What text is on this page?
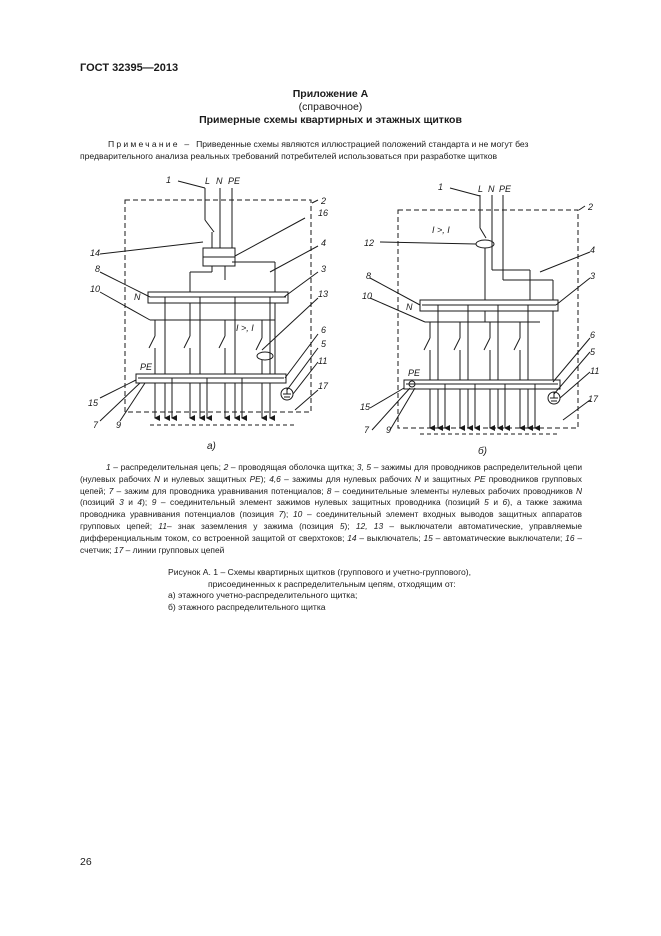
ГОСТ 32395—2013
Приложение А
(справочное)
Примерные схемы квартирных и этажных щитков
Примечание – Приведенные схемы являются иллюстрацией положений стандарта и не могут без предварительного анализа реальных требований потребителей использоваться при разработке щитков
L N PE
N
PE
I >, I
а)
1
2
16
14
4
8	3
10	13
6
5
11
15
7 9
17
L N PE
N
PE
I >, I
б)
1
2
12
4
8	3
10
6
5
11
15
7 9
17
1 – распределительная цепь; 2 – проводящая оболочка щитка; 3, 5 – зажимы для проводников распределительной цепи (нулевых рабочих N и нулевых защитных PE); 4,6 – зажимы для нулевых рабочих N и защитных PE проводников групповых цепей; 7 – зажим для проводника уравнивания потенциалов; 8 – соединительные элементы нулевых рабочих проводников N (позиций 3 и 4); 9 – соединительный элемент зажимов нулевых защитных проводника (позиций 5 и 6), а также зажима проводника уравнивания потенциалов (позиция 7); 10 – соединительный элемент входных выводов защитных аппаратов групповых цепей; 11– знак заземления у зажима (позиция 5); 12, 13 – выключатели автоматические, управляемые дифференциальным током, со встроенной защитой от сверхтоков; 14 – выключатель; 15 – автоматические выключатели; 16 – счетчик; 17 – линии групповых цепей
Рисунок А. 1 – Схемы квартирных щитков (группового и учетно-группового),
присоединенных к распределительным цепям, отходящим от:
а) этажного учетно-распределительного щитка;
б) этажного распределительного щитка
26
